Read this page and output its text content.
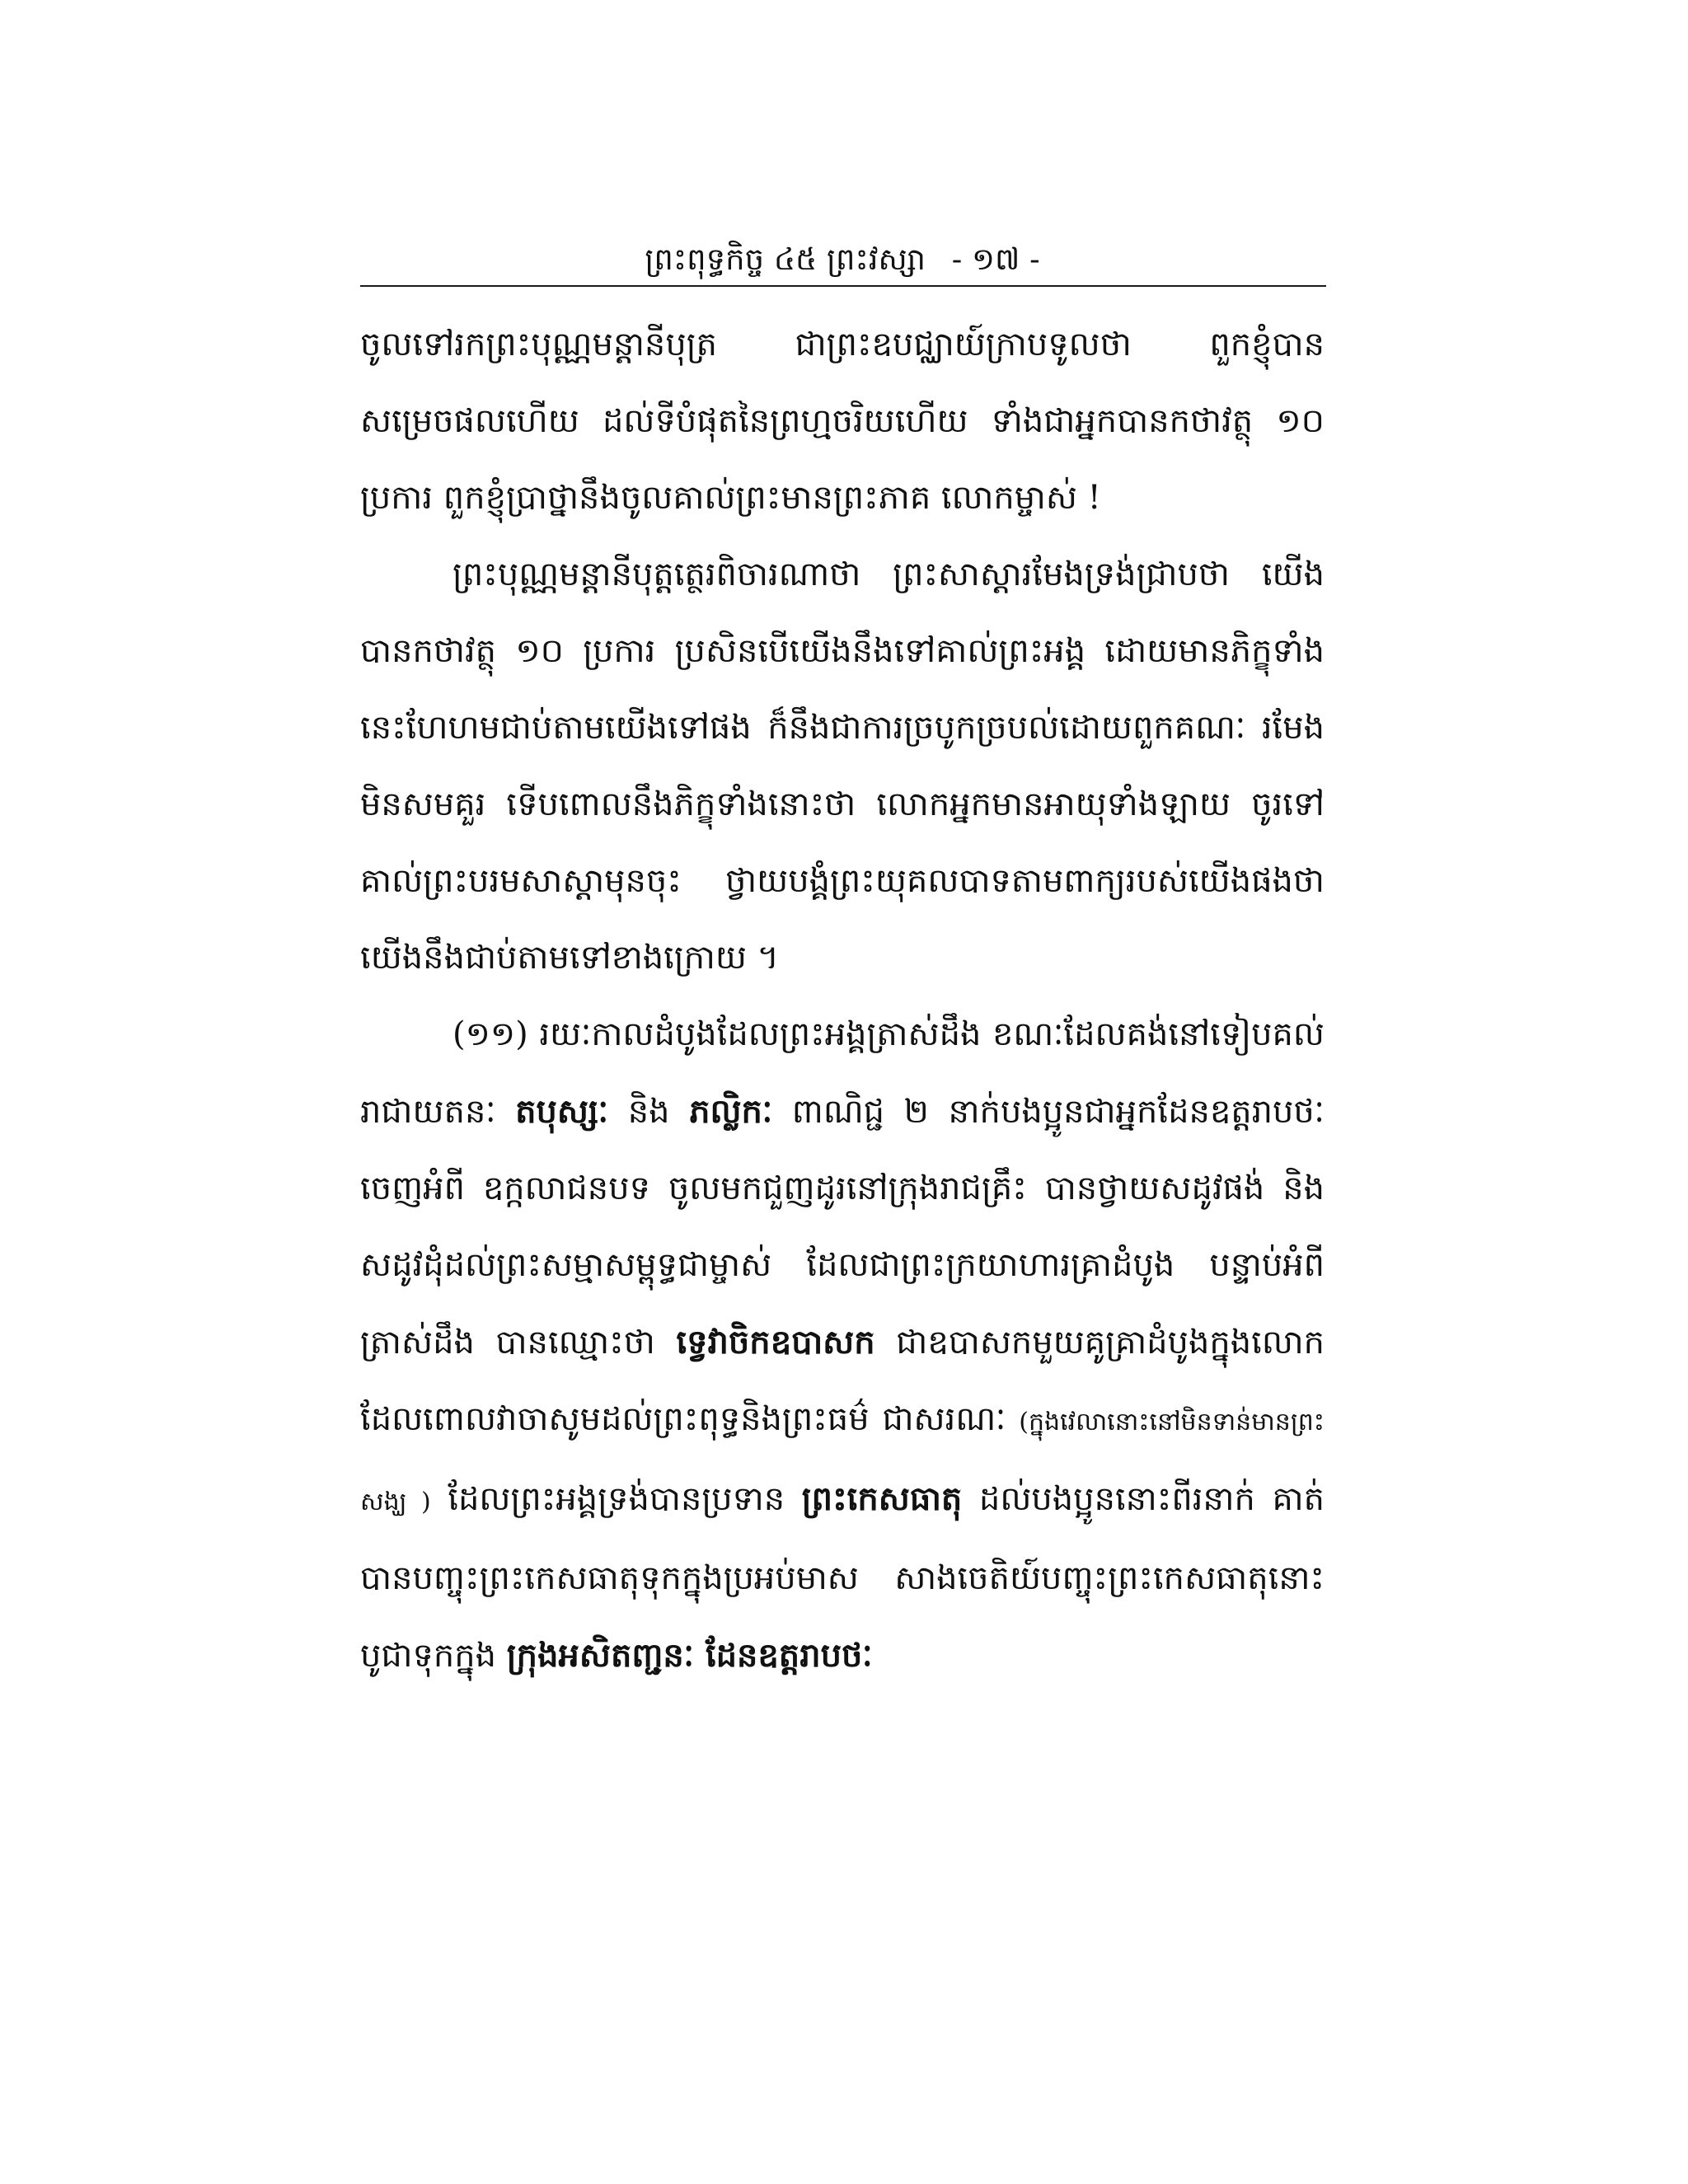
ព្រះពុទ្ធកិច្ច ៤៥ ព្រះវស្សា - ១៧ -

ចូលទៅរកព្រះបុណ្ណមន្តានីបុត្រ ជាព្រះឧបជ្ឈាយ៍ក្រាបទូលថា ពួកខ្ញុំបានសម្រេចផលហើយ ដល់ទីបំផុតនៃព្រហ្មចរិយហើយ ទាំងជាអ្នកបានកថាវត្ថុ ១០ ប្រការ ពួកខ្ញុំប្រាថ្នានឹងចូលគាល់ព្រះមានព្រះភាគ លោកម្ចាស់ !

ព្រះបុណ្ណមន្តានីបុត្តត្ថេរពិចារណាថា ព្រះសាស្តារមែងទ្រង់ជ្រាបថា យើងបានកថាវត្ថុ ១០ ប្រការ ប្រសិនបើយើងនឹងទៅគាល់ព្រះអង្គ ដោយមានភិក្ខុទាំងនេះហែហមជាប់តាមយើងទៅផង ក៏នឹងជាការច្របូកច្របល់ដោយពួកគណៈ រមែងមិនសមគួរ ទើបពោលនឹងភិក្ខុទាំងនោះថា លោកអ្នកមានអាយុទាំងឡាយ ចូរទៅគាល់ព្រះបរមសាស្តាមុនចុះ ថ្វាយបង្គំព្រះយុគលបាទតាមពាក្យរបស់យើងផងថា យើងនឹងជាប់តាមទៅខាងក្រោយ ។

(១១) រយៈកាលដំបូងដែលព្រះអង្គត្រាស់ដឹង ខណៈដែលគង់នៅទៀបគល់រាជាយតនៈ តបុស្សៈ និង ភល្លិកៈ ពាណិជ្ជ ២ នាក់បងប្អូនជាអ្នកដែនឧត្តរាបថៈ ចេញអំពី ឧក្កលាជនបទ ចូលមកជួញដូរនៅក្រុងរាជគ្រឹះ បានថ្វាយសដូវផង់ និងសដូវដុំដល់ព្រះសម្មាសម្ពុទ្ធជាម្ចាស់ ដែលជាព្រះក្រយាហារគ្រាដំបូង បន្ទាប់អំពីត្រាស់ដឹង បានឈ្មោះថា ទ្វេវាចិកឧបាសក ជាឧបាសកមួយគូគ្រាដំបូងក្នុងលោកដែលពោលវាចាសូមដល់ព្រះពុទ្ធនិងព្រះធម៌ ជាសរណៈ (ក្នុងវេលានោះនៅមិនទាន់មានព្រះសង្ឃ ) ដែលព្រះអង្គទ្រង់បានប្រទាន ព្រះកេសធាតុ ដល់បងប្អូននោះពីរនាក់ គាត់បានបញ្ចុះព្រះកេសធាតុទុកក្នុងប្រអប់មាស សាងចេតិយ៍បញ្ចុះព្រះកេសធាតុនោះបូជាទុកក្នុង ក្រុងអសិតញ្ជនៈ ដែនឧត្តរាបថៈ
